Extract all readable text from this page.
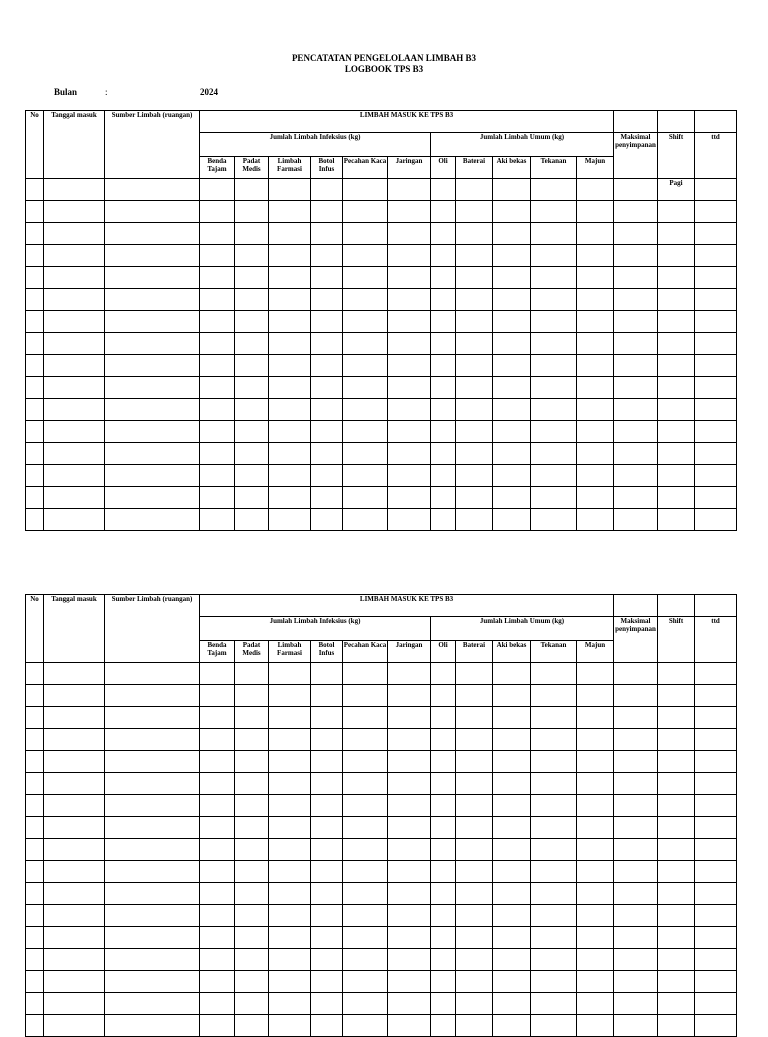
PENCATATAN PENGELOLAAN LIMBAH B3
LOGBOOK TPS B3
Bulan	:	2024
No	Tanggal masuk	Sumber Limbah (ruangan)	LIMBAH MASUK KE TPS B3													
			Jumlah Limbah Infeksius (kg)						Jumlah Limbah Umum (kg)					Maksimal penyimpanan	Shift	ttd
			Benda Tajam	Padat Medis	Limbah Farmasi	Botol Infus	Pecahan Kaca	Jaringan	Oli	Baterai	Aki bekas	Tekanan	Majun			
															Pagi	

No	Tanggal masuk	Sumber Limbah (ruangan)	LIMBAH MASUK KE TPS B3													
			Jumlah Limbah Infeksius (kg)						Jumlah Limbah Umum (kg)					Maksimal penyimpanan	Shift	ttd
			Benda Tajam	Padat Medis	Limbah Farmasi	Botol Infus	Pecahan Kaca	Jaringan	Oli	Baterai	Aki bekas	Tekanan	Majun			
